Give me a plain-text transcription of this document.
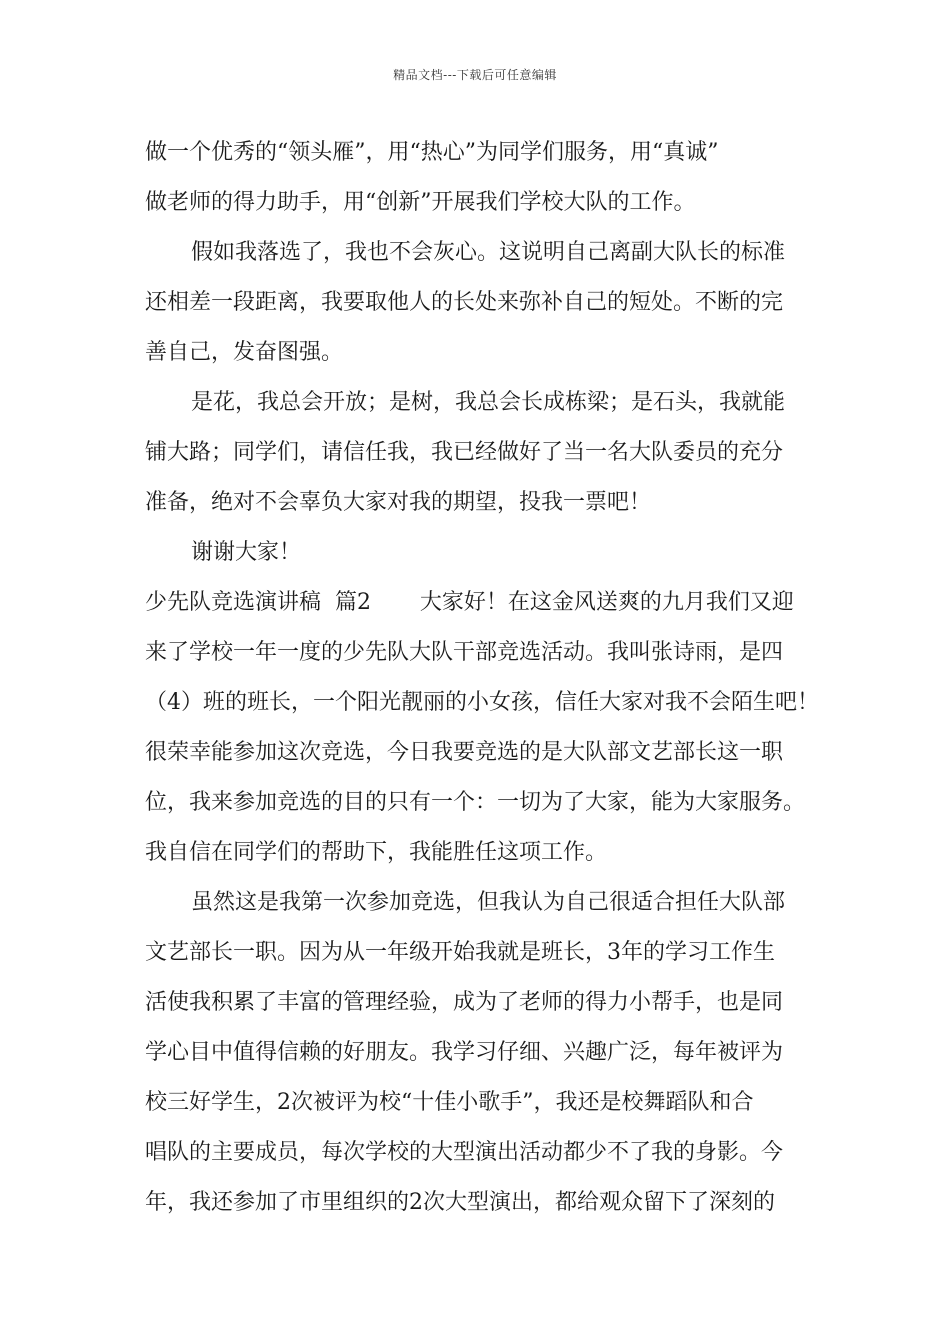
精品文档---下载后可任意编辑
做一个优秀的“领头雁”，用“热心”为同学们服务，用“真诚”
做老师的得力助手，用“创新”开展我们学校大队的工作。
假如我落选了，我也不会灰心。这说明自己离副大队长的标准
还相差一段距离，我要取他人的长处来弥补自己的短处。不断的完
善自己，发奋图强。
是花，我总会开放；是树，我总会长成栋梁；是石头，我就能
铺大路；同学们，请信任我，我已经做好了当一名大队委员的充分
准备，绝对不会辜负大家对我的期望，投我一票吧！
谢谢大家！
少先队竞选演讲稿  篇2       大家好！在这金风送爽的九月我们又迎
来了学校一年一度的少先队大队干部竞选活动。我叫张诗雨，是四
（4）班的班长，一个阳光靓丽的小女孩，信任大家对我不会陌生吧！
很荣幸能参加这次竞选，今日我要竞选的是大队部文艺部长这一职
位，我来参加竞选的目的只有一个：一切为了大家，能为大家服务。
我自信在同学们的帮助下，我能胜任这项工作。
虽然这是我第一次参加竞选，但我认为自己很适合担任大队部
文艺部长一职。因为从一年级开始我就是班长，3年的学习工作生
活使我积累了丰富的管理经验，成为了老师的得力小帮手，也是同
学心目中值得信赖的好朋友。我学习仔细、兴趣广泛，每年被评为
校三好学生，2次被评为校“十佳小歌手”，我还是校舞蹈队和合
唱队的主要成员，每次学校的大型演出活动都少不了我的身影。今
年，我还参加了市里组织的2次大型演出，都给观众留下了深刻的
